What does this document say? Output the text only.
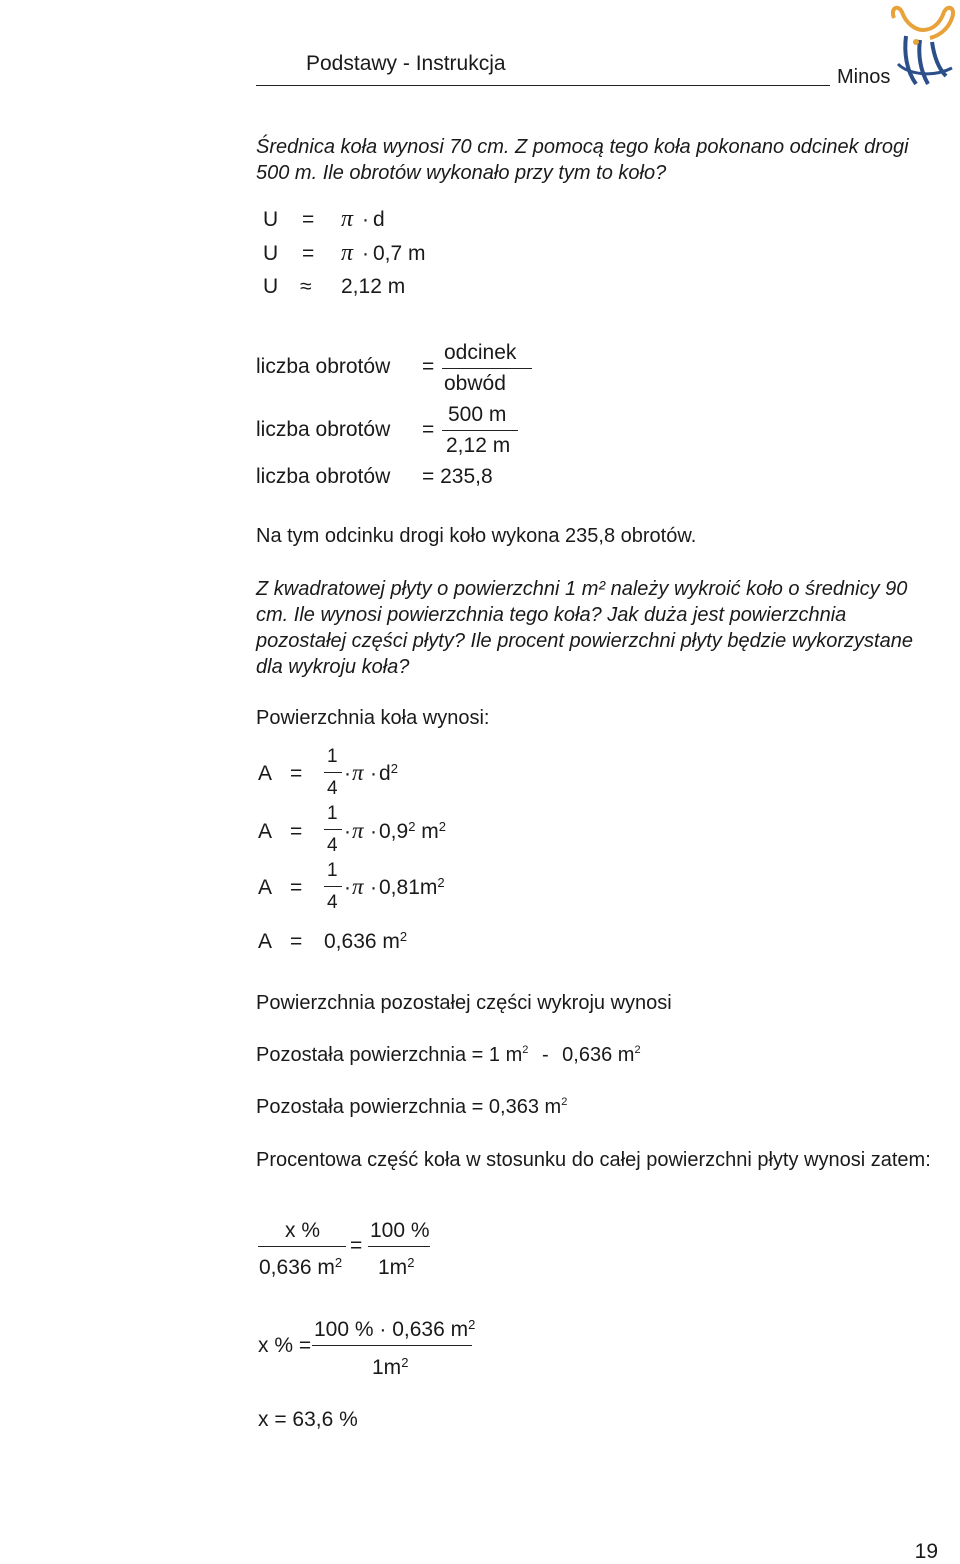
Podstawy - Instrukcja
Minos
Średnica koła wynosi 70 cm. Z pomocą tego koła pokonano odcinek drogi 500 m. Ile obrotów wykonało przy tym to koło?
U = π · d
U = π · 0,7 m
U ≈ 2,12 m
liczba obrotów =
odcinek
obwód
liczba obrotów =
500 m
2,12 m
liczba obrotów = 235,8
Na tym odcinku drogi koło wykona 235,8 obrotów.
Z kwadratowej płyty o powierzchni 1 m² należy wykroić koło o średnicy 90 cm. Ile wynosi powierzchnia tego koła? Jak duża jest powierzchnia pozostałej części płyty? Ile procent powierzchni płyty będzie wykorzystane dla wykroju koła?
Powierzchnia koła wynosi:
A =
1
4
· $\pi \cdot d^2$
A =
1
4
· $\pi \cdot 0,9^2$ $m^2$
A =
1
4
· $\pi \cdot 0,81m^2$
A = 0,636 $m^2$
Powierzchnia pozostałej części wykroju wynosi
Pozostała powierzchnia = 1 $m^2 - 0,636$ $m^2$
Pozostała powierzchnia = 0,363 $m^2$
Procentowa część koła w stosunku do całej powierzchni płyty wynosi zatem:
x %
0,636 $m^2$
=
100 %
$1m^2$
x % =
100 % · 0,636 $m^2$
$1m^2$
x = 63,6 %
19
